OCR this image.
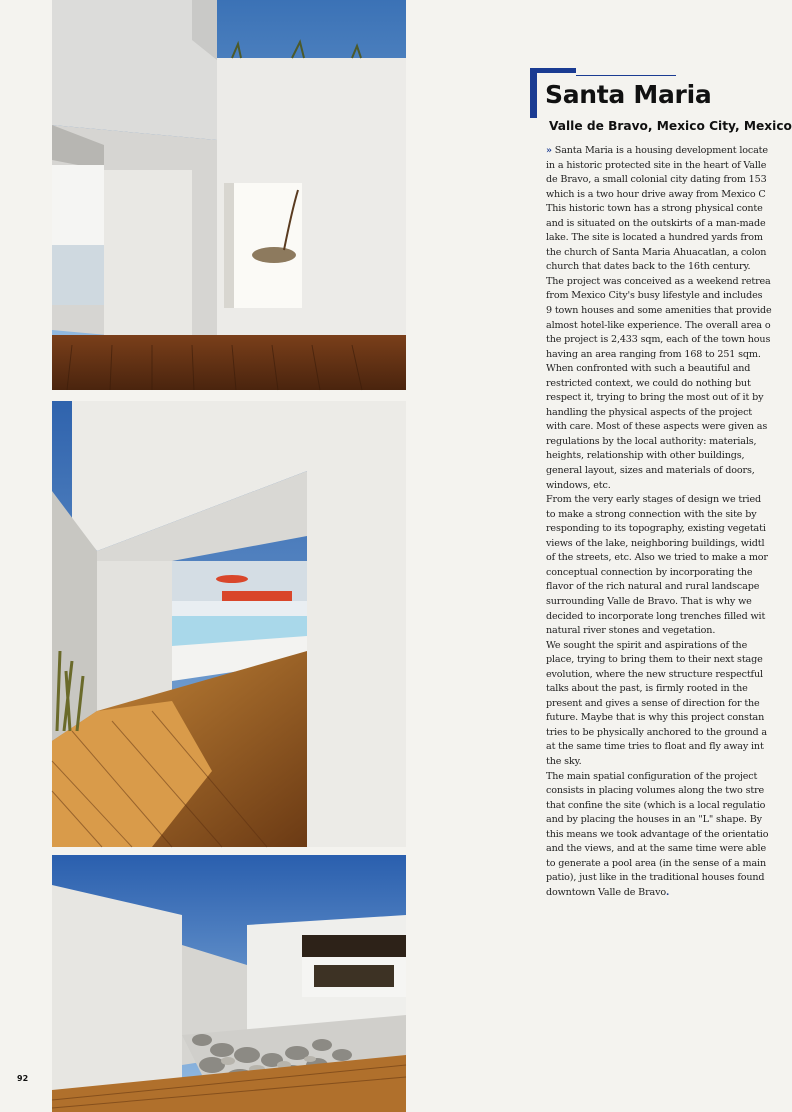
Santa Maria
Valle de Bravo, Mexico City, Mexico
» Santa Maria is a housing development locate
in a historic protected site in the heart of Valle
de Bravo, a small colonial city dating from 153
which is a two hour drive away from Mexico C
This historic town has a strong physical conte
and is situated on the outskirts of a man-made
lake. The site is located a hundred yards from
the church of Santa Maria Ahuacatlan, a colon
church that dates back to the 16th century.
The project was conceived as a weekend retrea
from Mexico City's busy lifestyle and includes
9 town houses and some amenities that provide
almost hotel-like experience. The overall area o
the project is 2,433 sqm, each of the town hous
having an area ranging from 168 to 251 sqm.
When confronted with such a beautiful and
restricted context, we could do nothing but
respect it, trying to bring the most out of it by
handling the physical aspects of the project
with care. Most of these aspects were given as
regulations by the local authority: materials,
heights, relationship with other buildings,
general layout, sizes and materials of doors,
windows, etc.
From the very early stages of design we tried
to make a strong connection with the site by
responding to its topography, existing vegetati
views of the lake, neighboring buildings, widtl
of the streets, etc. Also we tried to make a mor
conceptual connection by incorporating the
flavor of the rich natural and rural landscape
surrounding Valle de Bravo. That is why we
decided to incorporate long trenches filled wit
natural river stones and vegetation.
We sought the spirit and aspirations of the
place, trying to bring them to their next stage
evolution, where the new structure respectful
talks about the past, is firmly rooted in the
present and gives a sense of direction for the
future. Maybe that is why this project constan
tries to be physically anchored to the ground a
at the same time tries to float and fly away int
the sky.
The main spatial configuration of the project
consists in placing volumes along the two stre
that confine the site (which is a local regulatio
and by placing the houses in an "L" shape. By
this means we took advantage of the orientatio
and the views, and at the same time were able
to generate a pool area (in the sense of a main
patio), just like in the traditional houses found
downtown Valle de Bravo.
92
